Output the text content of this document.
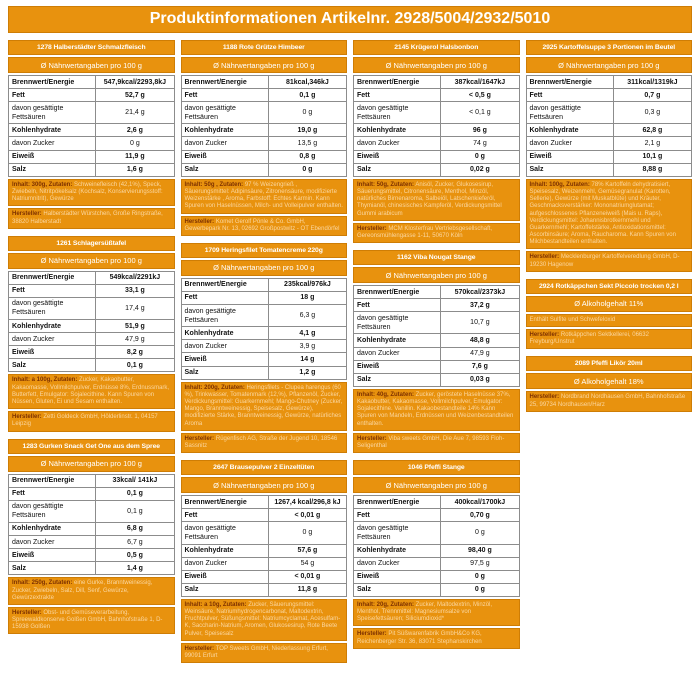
Produktinformationen Artikelnr. 2928/5004/2932/5010
1278 Halberstädter Schmalzfleisch
Ø Nährwertangaben pro 100 g
Brennwert/Energie	547,9kcal/2293,8kJ
Fett	52,7 g
davon gesättigte Fettsäuren	21,4 g
Kohlenhydrate	2,6 g
davon Zucker	0 g
Eiweiß	11,9 g
Salz	1,6 g
Inhalt: 300g, Zutaten: Schweinefleisch (42,1%), Speck, Zwiebeln, Nitritpökelsalz (Kochsalz, Konservierungsstoff: Natriumnitrit), Gewürze
Hersteller: Halberstädter Würstchen, Große Ringstraße, 38820 Halberstadt
1261 Schlagersüßtafel
Ø Nährwertangaben pro 100 g
Brennwert/Energie	549kcal/2291kJ
Fett	33,1 g
davon gesättigte Fettsäuren	17,4 g
Kohlenhydrate	51,9 g
davon Zucker	47,9 g
Eiweiß	8,2 g
Salz	0,1 g
Inhalt: a 100g, Zutaten: Zucker, Kakaobutter, Kakaomasse, Vollmilchpulver, Erdnüsse 8%, Erdnussmark, Butterfett, Emulgator: Sojalecithine. Kann Spuren von Nüssen, Gluten, Ei und Sesam enthalten.
Hersteller: Zetti Goldeck GmbH, Hölderlinstr. 1, 04157 Leipzig
1283 Gurken Snack Get One aus dem Spree
Ø Nährwertangaben pro 100 g
Brennwert/Energie	33kcal/ 141kJ
Fett	0,1 g
davon gesättigte Fettsäuren	0,1 g
Kohlenhydrate	6,8 g
davon Zucker	6,7 g
Eiweiß	0,5 g
Salz	1,4 g
Inhalt: 250g, Zutaten: eine Gurke, Branntweinessig, Zucker, Zwiebeln, Salz, Dill, Senf, Gewürze, Gewürzextrakte
Hersteller: Obst- und Gemüseverarbeitung, Spreewaldkonserve Golßen GmbH, Bahnhofstraße 1, D-15938 Golßen
1188 Rote Grütze Himbeer
Ø Nährwertangaben pro 100 g
Brennwert/Energie	81kcal,346kJ
Fett	0,1 g
davon gesättigte Fettsäuren	0 g
Kohlenhydrate	19,0 g
davon Zucker	13,5 g
Eiweiß	0,8 g
Salz	0 g
Inhalt: 50g , Zutaten: 97 % Weizengrieß , Säuerungsmittel: Adipinsäure, Zitronensäure, modifizierte Weizenstärke , Aroma, Farbstoff: Echtes Karmin. Kann Spuren von Haselnüssen, Milch- und Volleipulver enthalten.
Hersteller: Komet Gerolf Pönle & Co. GmbH, Gewerbepark Nr. 13, 02692 Großpostwitz - OT Ebendörfel
1709 Heringsfilet Tomatencreme 220g
Ø Nährwertangaben pro 100 g
Brennwert/Energie	235kcal/976kJ
Fett	18 g
davon gesättigte Fettsäuren	6,3 g
Kohlenhydrate	4,1 g
davon Zucker	3,9 g
Eiweiß	14 g
Salz	1,2 g
Inhalt: 200g, Zutaten: Heringsfilets - Clupea harengus (60 %), Trinkwasser, Tomatenmark (12,%), Pflanzenöl, Zucker, Verdickungsmittel: Guarkernmehl; Mango-Chutney (Zucker, Mango, Branntweinessig, Speisesalz, Gewürze), modifizierte Stärke, Branntweinessig, Gewürze, natürliches Aroma
Hersteller: Rügenfisch AG, Straße der Jugend 10, 18546 Sassnitz
2647 Brausepulver 2 Einzeltüten
Ø Nährwertangaben pro 100 g
Brennwert/Energie	1267,4 kcal/296,8 kJ
Fett	< 0,01 g
davon gesättigte Fettsäuren	0 g
Kohlenhydrate	57,6 g
davon Zucker	54 g
Eiweiß	< 0,01 g
Salz	11,8 g
Inhalt: a 10g, Zutaten: Zucker, Säuerungsmittel: Weinsäure, Natriumhydrogencarbonat, Maltodextrin, Fruchtpulver, Süßungsmittel: Natriumcyclamat, Acesulfam-K, Saccharin-Natrium, Aromen, Glukosesirup, Rote Beete Pulver, Speisesalz
Hersteller: TOP Sweets GmbH, Niederlassung Erfurt, 99091 Erfurt
2145 Krügerol Halsbonbon
Ø Nährwertangaben pro 100 g
Brennwert/Energie	387kcal/1647kJ
Fett	< 0,5 g
davon gesättigte Fettsäuren	< 0,1 g
Kohlenhydrate	96 g
davon Zucker	74 g
Eiweiß	0 g
Salz	0,02 g
Inhalt: 50g, Zutaten: Anisöl, Zucker, Glukosesirup, Säuerungsmittel, Citronensäure, Menthol, Minzöl, natürliches Birnenaroma, Salbeiöl, Latschenkieferöl, Thymianöl, chinesisches Kampferöl, Verdickungsmittel Gummi arabicum
Hersteller: MCM Klosterfrau Vertriebsgesellschaft, Gereonsmühlengasse 1-11, 50670 Köln
1162 Viba Nougat Stange
Ø Nährwertangaben pro 100 g
Brennwert/Energie	570kcal/2373kJ
Fett	37,2 g
davon gesättigte Fettsäuren	10,7 g
Kohlenhydrate	48,8 g
davon Zucker	47,9 g
Eiweiß	7,6 g
Salz	0,03 g
Inhalt: 40g, Zutaten: Zucker, geröstete Haselnüsse 37%, Kakaobutter, Kakaomasse, Vollmilchpulver, Emulgator: Sojalecithine. Vanillin. Kakaobestandteile 14% Kann Spuren von Mandeln, Erdnüssen und Weizenbestandteilen enthalten.
Hersteller: Viba sweets GmbH, Die Aue 7, 98593 Floh-Seligenthal
1046 Pfeffi Stange
Ø Nährwertangaben pro 100 g
Brennwert/Energie	400kcal/1700kJ
Fett	0,70 g
davon gesättigte Fettsäuren	0 g
Kohlenhydrate	98,40 g
davon Zucker	97,5 g
Eiweiß	0 g
Salz	0 g
Inhalt: 20g, Zutaten: Zucker, Maltodextrin, Minzöl, Menthol, Trennmittel: Magnesiumsalze von Speisefettsäuren; Siliciumdioxid*
Hersteller: Pit Süßwarenfabrik GmbH&Co KG, Reichenberger Str. 36, 83071 Stephanskirchen
2925 Kartoffelsuppe 3 Portionen im Beutel
Ø Nährwertangaben pro 100 g
Brennwert/Energie	311kcal/1319kJ
Fett	0,7 g
davon gesättigte Fettsäuren	0,3 g
Kohlenhydrate	62,8 g
davon Zucker	2,1 g
Eiweiß	10,1 g
Salz	8,88 g
Inhalt: 100g, Zutaten: 78% Kartoffeln dehydratisiert, Speisesalz, Weizenmehl, Gemüsegranulat (Karotten, Sellerie), Gewürze (mit Muskatblüte) und Kräuter, Geschmacksverstärker: Mononatriumglutamat; aufgeschlossenes Pflanzeneiweiß (Mais u. Raps), Verdickungsmittel: Johannisbrotkernmehl und Guarkernmehl; Kartoffelstärke, Antioxidationsmittel: Ascorbinsäure; Aroma, Raucharoma. Kann Spuren von Milchbestandteilen enthalten.
Hersteller: Mecklenburger Kartoffelveredlung GmbH, D-19230 Hagenow
2924 Rotkäppchen Sekt Piccolo trocken 0,2 l
Ø Alkoholgehalt 11%
Enthält Sulfite und Schwefeloxid
Hersteller: Rotkäppchen Sektkellerei, 06632 Freyburg/Unstrut
2089 Pfeffi Likör 20ml
Ø Alkoholgehalt 18%
Hersteller: Nordbrand Nordhausen GmbH, Bahnhofstraße 25, 99734 Nordhausen/Harz
